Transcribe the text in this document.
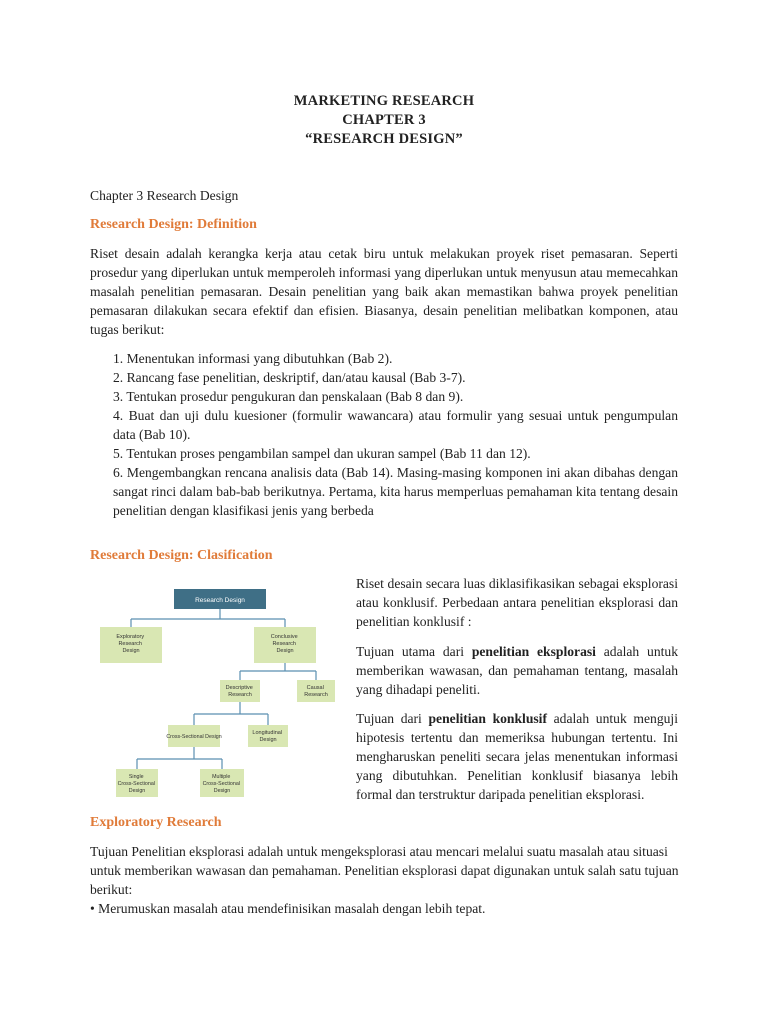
MARKETING RESEARCH
CHAPTER 3
“RESEARCH DESIGN”
Chapter 3 Research Design
Research Design: Definition
Riset desain adalah kerangka kerja atau cetak biru untuk melakukan proyek riset pemasaran. Seperti prosedur yang diperlukan untuk memperoleh informasi yang diperlukan untuk menyusun atau memecahkan masalah penelitian pemasaran. Desain penelitian yang baik akan memastikan bahwa proyek penelitian pemasaran dilakukan secara efektif dan efisien. Biasanya, desain penelitian melibatkan komponen, atau tugas berikut:
1. Menentukan informasi yang dibutuhkan (Bab 2).
2. Rancang fase penelitian, deskriptif, dan/atau kausal (Bab 3-7).
3. Tentukan prosedur pengukuran dan penskalaan (Bab 8 dan 9).
4. Buat dan uji dulu kuesioner (formulir wawancara) atau formulir yang sesuai untuk pengumpulan data (Bab 10).
5. Tentukan proses pengambilan sampel dan ukuran sampel (Bab 11 dan 12).
6. Mengembangkan rencana analisis data (Bab 14). Masing-masing komponen ini akan dibahas dengan sangat rinci dalam bab-bab berikutnya. Pertama, kita harus memperluas pemahaman kita tentang desain penelitian dengan klasifikasi jenis yang berbeda
Research Design: Clasification
Research Design
Exploratory Research Design
Conclusive Research Design
Descriptive Research
Causal Research
Cross-Sectional Design
Longitudinal Design
Single Cross-Sectional Design
Multiple Cross-Sectional Design
Riset desain secara luas diklasifikasikan sebagai eksplorasi atau konklusif. Perbedaan antara penelitian eksplorasi dan penelitian konklusif :
Tujuan utama dari penelitian eksplorasi adalah untuk memberikan wawasan, dan pemahaman tentang, masalah yang dihadapi peneliti.
Tujuan dari penelitian konklusif adalah untuk menguji hipotesis tertentu dan memeriksa hubungan tertentu. Ini mengharuskan peneliti secara jelas menentukan informasi yang dibutuhkan. Penelitian konklusif biasanya lebih formal dan terstruktur daripada penelitian eksplorasi.
Exploratory Research
Tujuan Penelitian eksplorasi adalah untuk mengeksplorasi atau mencari melalui suatu masalah atau situasi untuk memberikan wawasan dan pemahaman. Penelitian eksplorasi dapat digunakan untuk salah satu tujuan berikut:
• Merumuskan masalah atau mendefinisikan masalah dengan lebih tepat.
